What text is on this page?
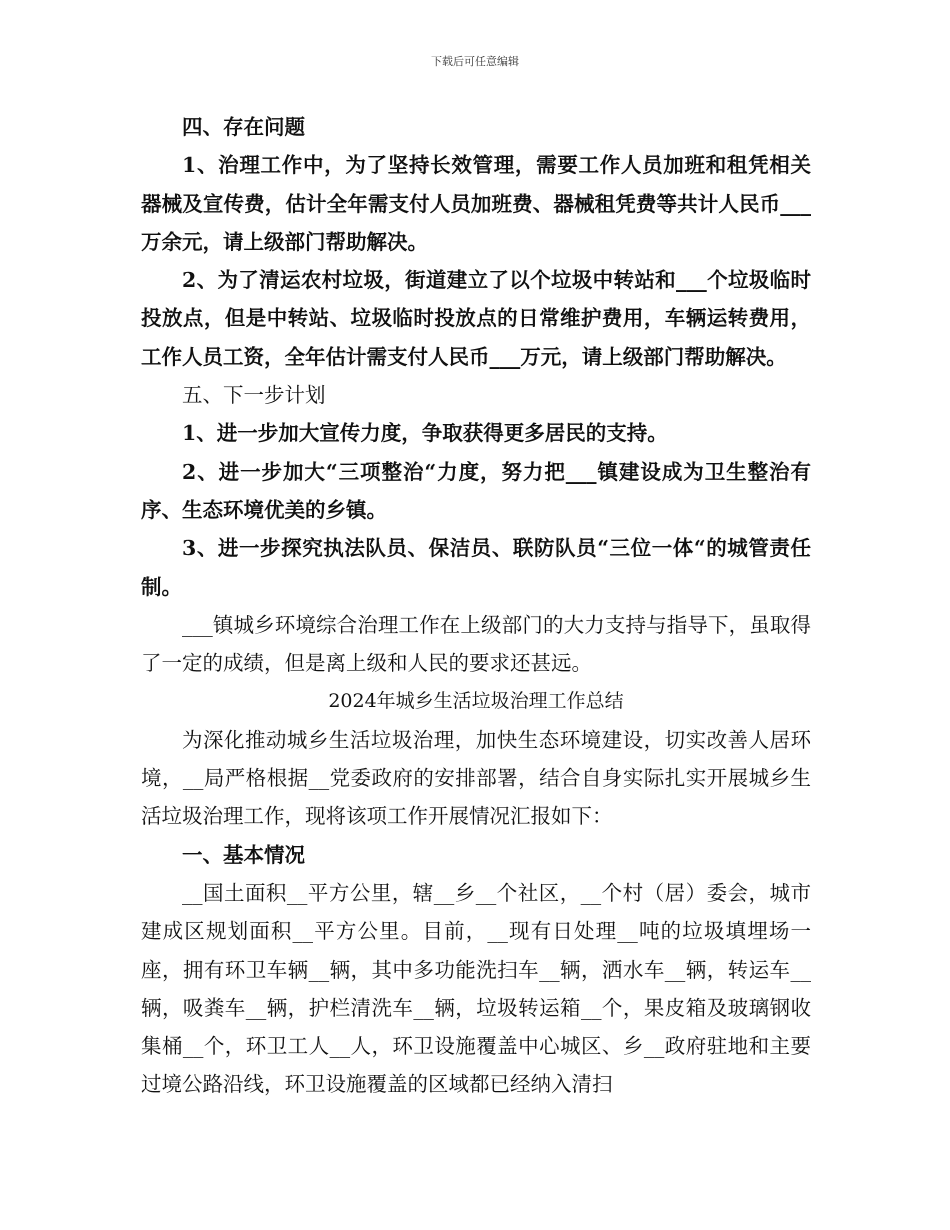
下载后可任意编辑

四、存在问题

1、治理工作中，为了坚持长效管理，需要工作人员加班和租凭相关器械及宣传费，估计全年需支付人员加班费、器械租凭费等共计人民币___万余元，请上级部门帮助解决。

2、为了清运农村垃圾，街道建立了以个垃圾中转站和___个垃圾临时投放点，但是中转站、垃圾临时投放点的日常维护费用，车辆运转费用，工作人员工资，全年估计需支付人民币___万元，请上级部门帮助解决。

五、下一步计划

1、进一步加大宣传力度，争取获得更多居民的支持。

2、进一步加大“三项整治“力度，努力把___镇建设成为卫生整治有序、生态环境优美的乡镇。

3、进一步探究执法队员、保洁员、联防队员“三位一体“的城管责任制。

___镇城乡环境综合治理工作在上级部门的大力支持与指导下，虽取得了一定的成绩，但是离上级和人民的要求还甚远。

2024年城乡生活垃圾治理工作总结

为深化推动城乡生活垃圾治理，加快生态环境建设，切实改善人居环境，__局严格根据__党委政府的安排部署，结合自身实际扎实开展城乡生活垃圾治理工作，现将该项工作开展情况汇报如下：

一、基本情况

__国土面积__平方公里，辖__乡__个社区，__个村（居）委会，城市建成区规划面积__平方公里。目前，__现有日处理__吨的垃圾填埋场一座，拥有环卫车辆__辆，其中多功能洗扫车__辆，洒水车__辆，转运车__辆，吸粪车__辆，护栏清洗车__辆，垃圾转运箱__个，果皮箱及玻璃钢收集桶__个，环卫工人__人，环卫设施覆盖中心城区、乡__政府驻地和主要过境公路沿线，环卫设施覆盖的区域都已经纳入清扫
